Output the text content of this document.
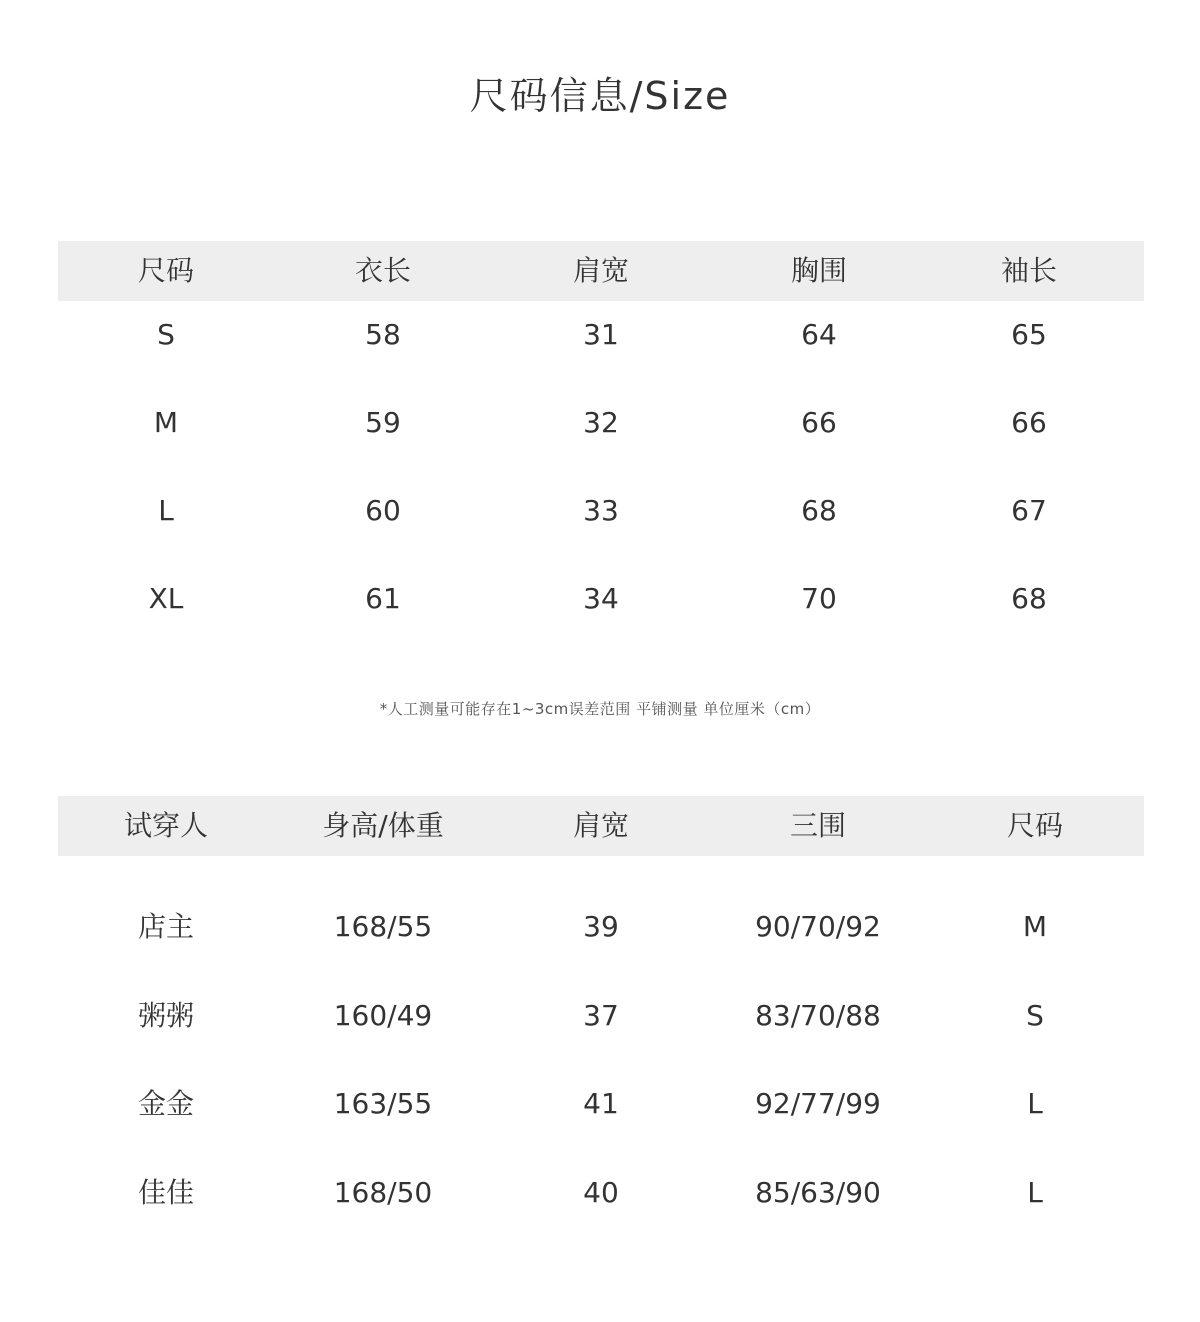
尺码信息/Size
尺码	衣长	肩宽	胸围	袖长
S	58	31	64	65
M	59	32	66	66
L	60	33	68	67
XL	61	34	70	68
*人工测量可能存在1~3cm误差范围 平铺测量 单位厘米（cm）
试穿人	身高/体重	肩宽	三围	尺码
店主	168/55	39	90/70/92	M
粥粥	160/49	37	83/70/88	S
金金	163/55	41	92/77/99	L
佳佳	168/50	40	85/63/90	L
